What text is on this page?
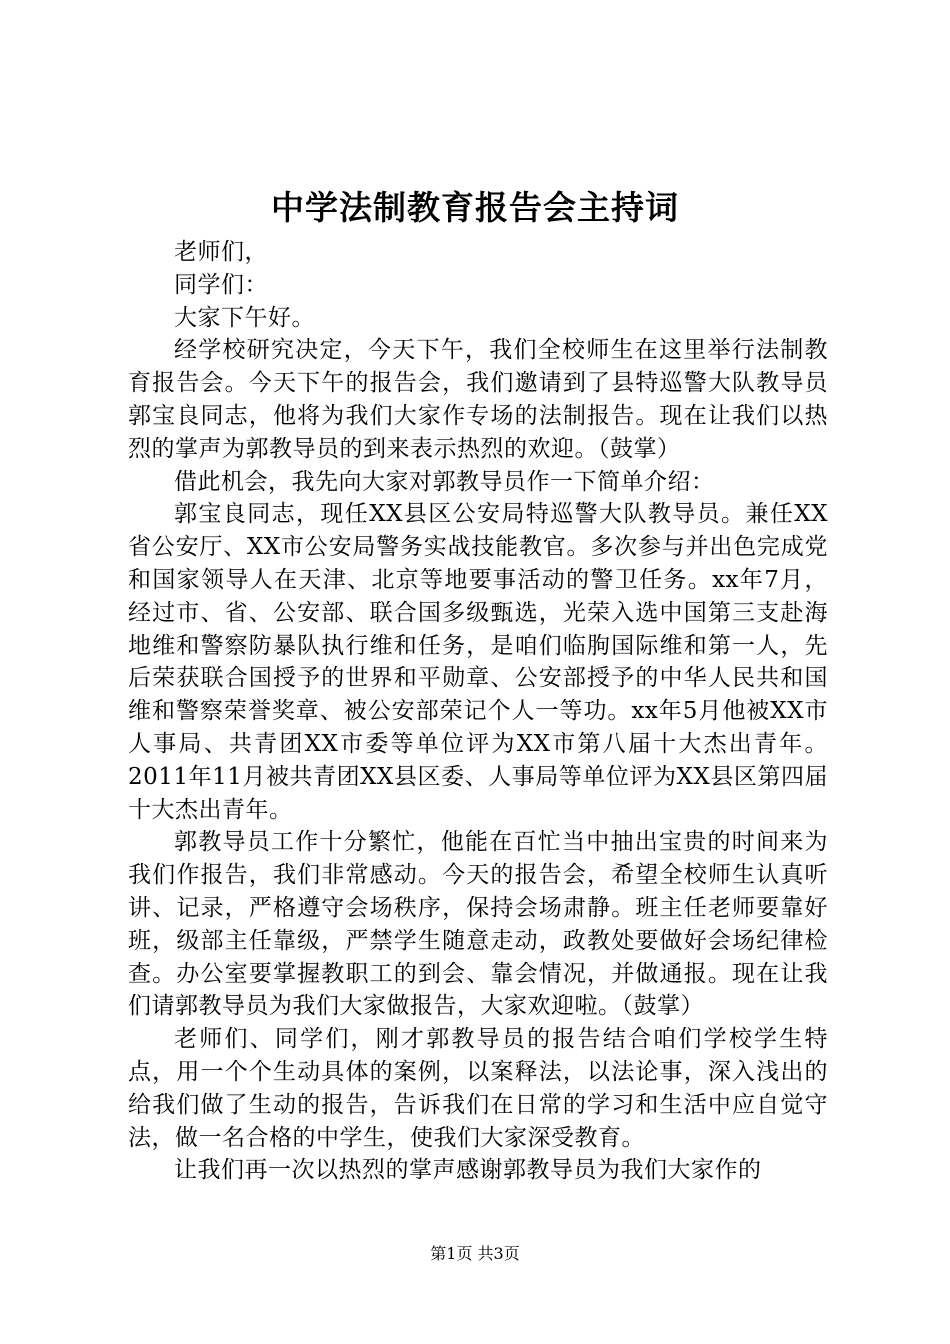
中学法制教育报告会主持词

老师们，

同学们：

大家下午好。

经学校研究决定，今天下午，我们全校师生在这里举行法制教育报告会。今天下午的报告会，我们邀请到了县特巡警大队教导员郭宝良同志，他将为我们大家作专场的法制报告。现在让我们以热烈的掌声为郭教导员的到来表示热烈的欢迎。（鼓掌）

借此机会，我先向大家对郭教导员作一下简单介绍：

郭宝良同志，现任XX县区公安局特巡警大队教导员。兼任XX省公安厅、XX市公安局警务实战技能教官。多次参与并出色完成党和国家领导人在天津、北京等地要事活动的警卫任务。xx年7月，经过市、省、公安部、联合国多级甄选，光荣入选中国第三支赴海地维和警察防暴队执行维和任务，是咱们临朐国际维和第一人，先后荣获联合国授予的世界和平勋章、公安部授予的中华人民共和国维和警察荣誉奖章、被公安部荣记个人一等功。xx年5月他被XX市人事局、共青团XX市委等单位评为XX市第八届十大杰出青年。2011年11月被共青团XX县区委、人事局等单位评为XX县区第四届十大杰出青年。

郭教导员工作十分繁忙，他能在百忙当中抽出宝贵的时间来为我们作报告，我们非常感动。今天的报告会，希望全校师生认真听讲、记录，严格遵守会场秩序，保持会场肃静。班主任老师要靠好班，级部主任靠级，严禁学生随意走动，政教处要做好会场纪律检查。办公室要掌握教职工的到会、靠会情况，并做通报。现在让我们请郭教导员为我们大家做报告，大家欢迎啦。（鼓掌）

老师们、同学们，刚才郭教导员的报告结合咱们学校学生特点，用一个个生动具体的案例，以案释法，以法论事，深入浅出的给我们做了生动的报告，告诉我们在日常的学习和生活中应自觉守法，做一名合格的中学生，使我们大家深受教育。

让我们再一次以热烈的掌声感谢郭教导员为我们大家作的

第1页 共3页
